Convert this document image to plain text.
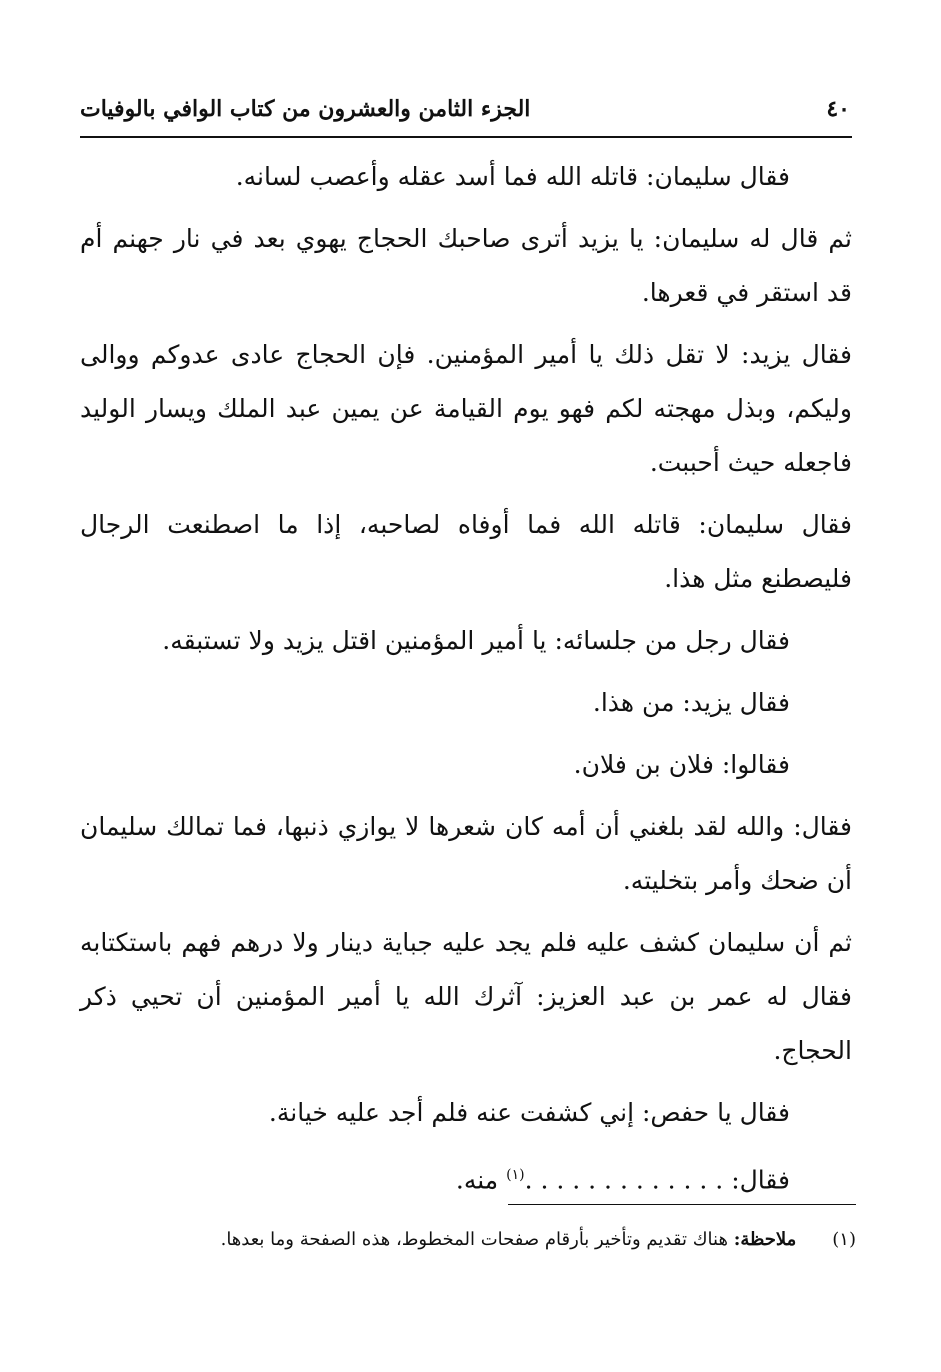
٤٠
الجزء الثامن والعشرون من كتاب الوافي بالوفيات

فقال سليمان: قاتله الله فما أسد عقله وأعصب لسانه.

ثم قال له سليمان: يا يزيد أترى صاحبك الحجاج يهوي بعد في نار جهنم أم قد استقر في قعرها.

فقال يزيد: لا تقل ذلك يا أمير المؤمنين. فإن الحجاج عادى عدوكم ووالى وليكم، وبذل مهجته لكم فهو يوم القيامة عن يمين عبد الملك ويسار الوليد فاجعله حيث أحببت.

فقال سليمان: قاتله الله فما أوفاه لصاحبه، إذا ما اصطنعت الرجال فليصطنع مثل هذا.

فقال رجل من جلسائه: يا أمير المؤمنين اقتل يزيد ولا تستبقه.

فقال يزيد: من هذا.

فقالوا: فلان بن فلان.

فقال: والله لقد بلغني أن أمه كان شعرها لا يوازي ذنبها، فما تمالك سليمان أن ضحك وأمر بتخليته.

ثم أن سليمان كشف عليه فلم يجد عليه جباية دينار ولا درهم فهم باستكتابه فقال له عمر بن عبد العزيز: آثرك الله يا أمير المؤمنين أن تحيي ذكر الحجاج.

فقال يا حفص: إني كشفت عنه فلم أجد عليه خيانة.

فقال: . . . . . . . . . . . . .$^{(١)}$ منه.

(١)ملاحظة: هناك تقديم وتأخير بأرقام صفحات المخطوط، هذه الصفحة وما بعدها.
